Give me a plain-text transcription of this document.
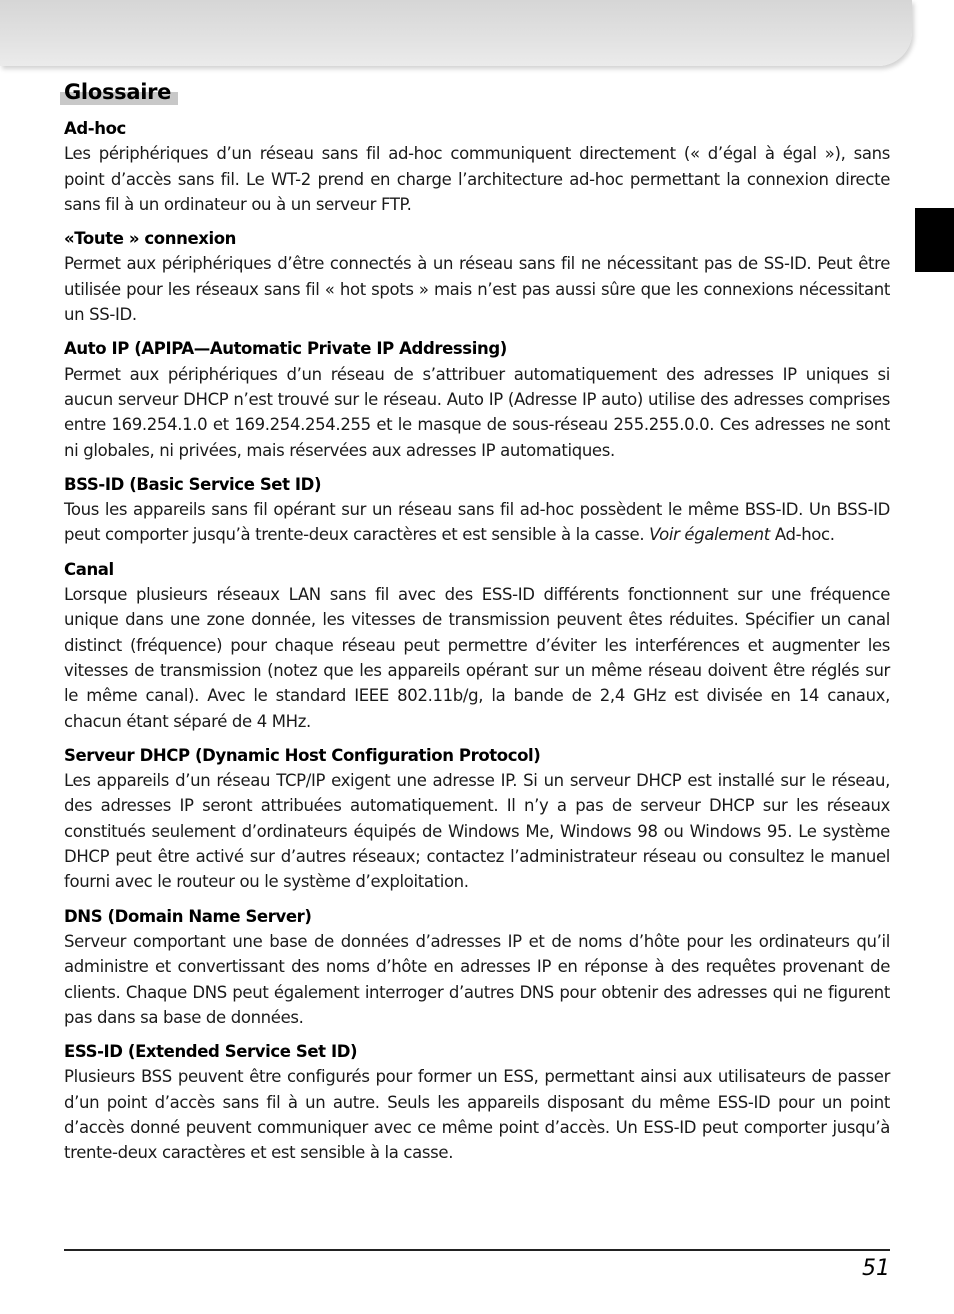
Glossaire
Ad-hoc
Les périphériques d’un réseau sans fil ad-hoc communiquent directement (« d’égal à égal »), sans point d’accès sans fil. Le WT-2 prend en charge l’architecture ad-hoc permettant la connexion directe sans fil à un ordinateur ou à un serveur FTP.
«Toute » connexion
Permet aux périphériques d’être connectés à un réseau sans fil ne nécessitant pas de SS-ID. Peut être utilisée pour les réseaux sans fil « hot spots » mais n’est pas aussi sûre que les connexions nécessitant un SS-ID.
Auto IP (APIPA—Automatic Private IP Addressing)
Permet aux périphériques d’un réseau de s’attribuer automatiquement des adresses IP uniques si aucun serveur DHCP n’est trouvé sur le réseau. Auto IP (Adresse IP auto) utilise des adresses comprises entre 169.254.1.0 et 169.254.254.255 et le masque de sous-réseau 255.255.0.0. Ces adresses ne sont ni globales, ni privées, mais réservées aux adresses IP automatiques.
BSS-ID (Basic Service Set ID)
Tous les appareils sans fil opérant sur un réseau sans fil ad-hoc possèdent le même BSS-ID. Un BSS-ID peut comporter jusqu’à trente-deux caractères et est sensible à la casse. Voir également Ad-hoc.
Canal
Lorsque plusieurs réseaux LAN sans fil avec des ESS-ID différents fonctionnent sur une fréquence unique dans une zone donnée, les vitesses de transmission peuvent êtes réduites. Spécifier un canal distinct (fréquence) pour chaque réseau peut permettre d’éviter les interférences et augmenter les vitesses de transmission (notez que les appareils opérant sur un même réseau doivent être réglés sur le même canal). Avec le standard IEEE 802.11b/g, la bande de 2,4 GHz est divisée en 14 canaux, chacun étant séparé de 4 MHz.
Serveur DHCP (Dynamic Host Configuration Protocol)
Les appareils d’un réseau TCP/IP exigent une adresse IP. Si un serveur DHCP est installé sur le réseau, des adresses IP seront attribuées automatiquement. Il n’y a pas de serveur DHCP sur les réseaux constitués seulement d’ordinateurs équipés de Windows Me, Windows 98 ou Windows 95. Le système DHCP peut être activé sur d’autres réseaux; contactez l’administrateur réseau ou consultez le manuel fourni avec le routeur ou le système d’exploitation.
DNS (Domain Name Server)
Serveur comportant une base de données d’adresses IP et de noms d’hôte pour les ordinateurs qu’il administre et convertissant des noms d’hôte en adresses IP en réponse à des requêtes provenant de clients. Chaque DNS peut également interroger d’autres DNS pour obtenir des adresses qui ne figurent pas dans sa base de données.
ESS-ID (Extended Service Set ID)
Plusieurs BSS peuvent être configurés pour former un ESS, permettant ainsi aux utilisateurs de passer d’un point d’accès sans fil à un autre. Seuls les appareils disposant du même ESS-ID pour un point d’accès donné peuvent communiquer avec ce même point d’accès. Un ESS-ID peut comporter jusqu’à trente-deux caractères et est sensible à la casse.
51
